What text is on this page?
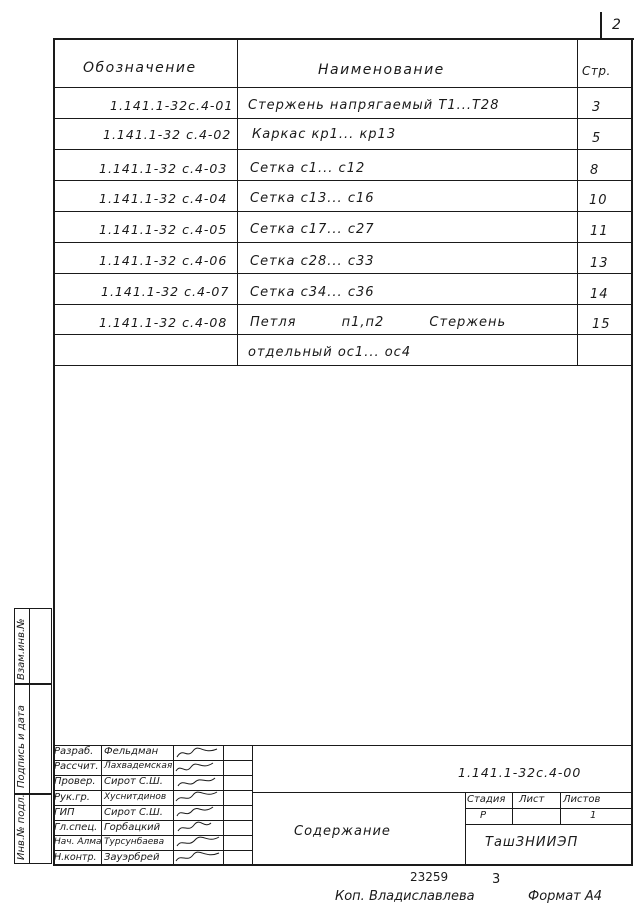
2
Обозначение	Наименование	Стр.
1.141.1-32с.4-01 Стержень напрягаемый Т1...Т28	3
1.141.1-32 с.4-02 Каркас кр1... кр13	5
1.141.1-32 с.4-03 Сетка с1... с12	8
1.141.1-32 с.4-04 Сетка с13... с16	10
1.141.1-32 с.4-05 Сетка с17... с27	11
1.141.1-32 с.4-06 Сетка с28... с33	13
1.141.1-32 с.4-07 Сетка с34... с36	14
1.141.1-32 с.4-08 Петля п1,п2 Стержень	15
отдельный ос1... ос4
Взам.инв.№
Подпись и дата
Инв.№ подл.
Разраб. Фельдман
Рассчит. Лахвадемская
Провер. Сирот С.Ш.
Рук.гр. Хуснитдинов
ГИП	Сирот С.Ш.
Гл.спец. Горбацкий
Нач. Алма Турсунбаева
Н.контр. Зауэрбрей
1.141.1-32с.4-00
Содержание
Стадия Лист Листов
Р	1
ТашЗНИИЭП
23259	3
Коп. Владиславлева	Формат А4
